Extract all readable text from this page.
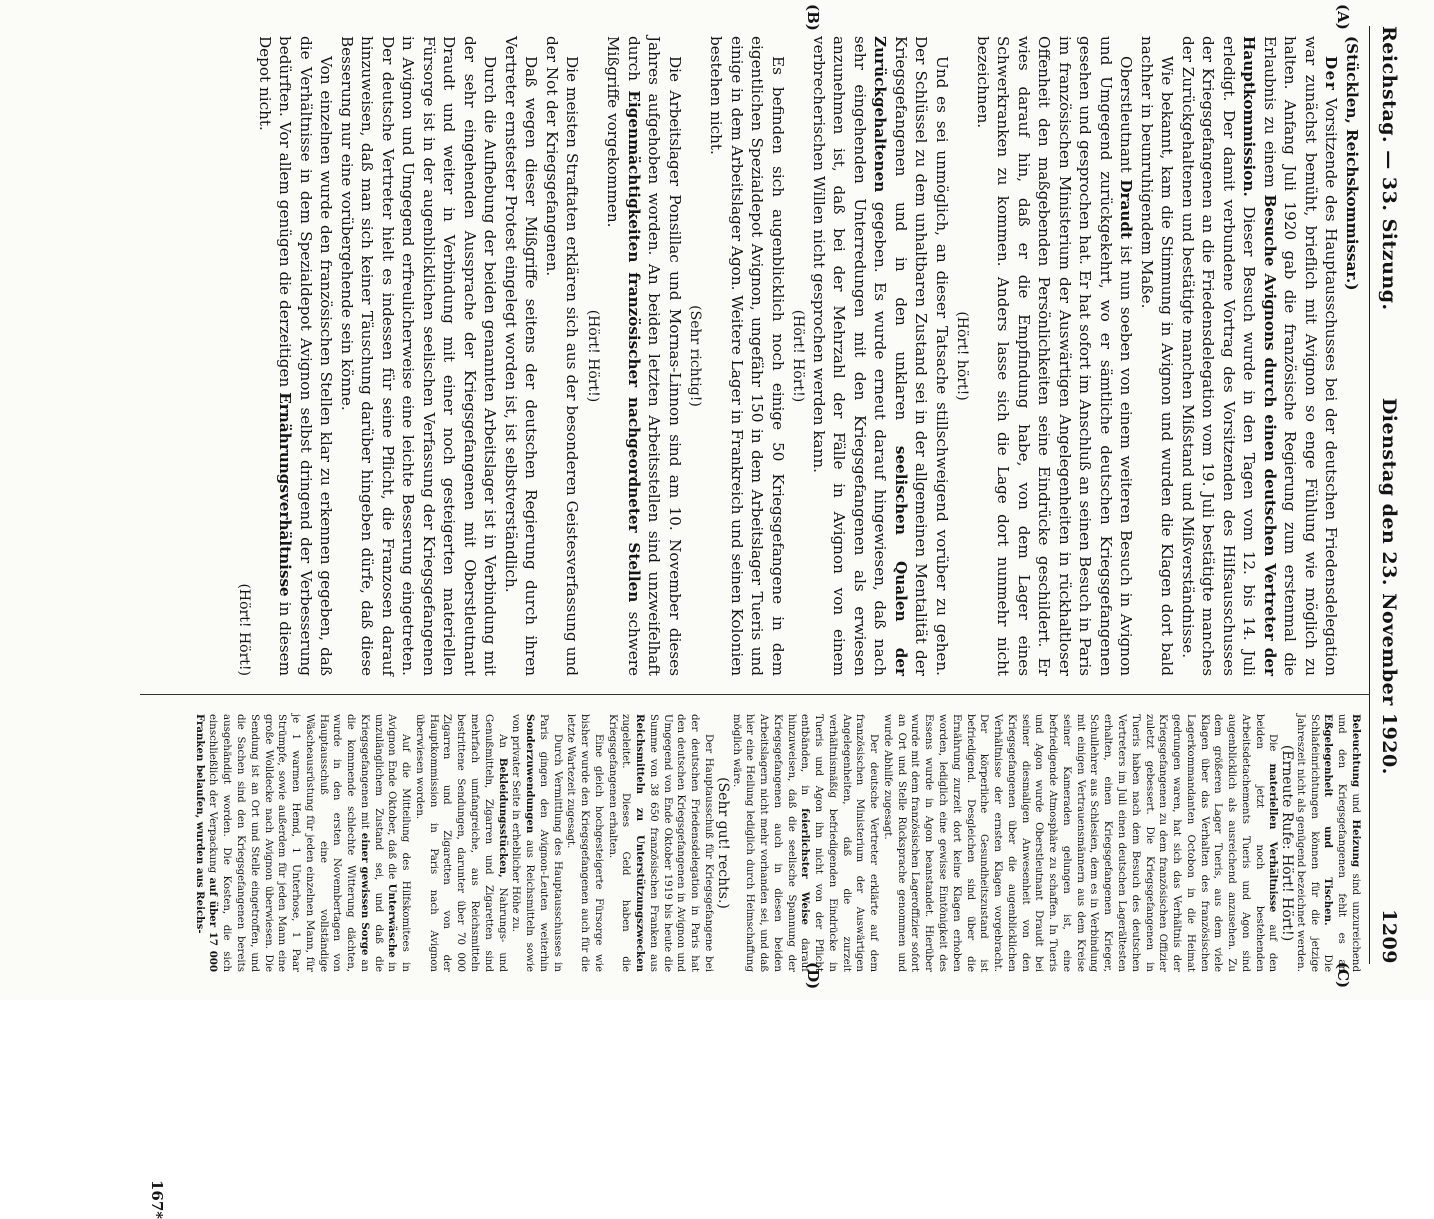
Reichstag. — 33. Sitzung.
Dienstag den 23. November 1920.  1209
(A)
(B)
(C)
(D)

(Stücklen, Reichskommissar.)

Der Vorsitzende des Hauptausschusses bei der deutschen Friedensdelegation war zunächst bemüht, brieflich mit Avignon so enge Fühlung wie möglich zu halten. Anfang Juli 1920 gab die französische Regierung zum erstenmal die Erlaubnis zu einem Besuche Avignons durch einen deutschen Vertreter der Hauptkommission. Dieser Besuch wurde in den Tagen vom 12. bis 14. Juli erledigt. Der damit verbundene Vortrag des Vorsitzenden des Hilfsausschusses der Kriegsgefangenen an die Friedensdelegation vom 19. Juli bestätigte manches der Zurückgehaltenen und bestätigte manchen Mißstand und Mißverständnisse.

Wie bekannt, kam die Stimmung in Avignon und wurden die Klagen dort bald nachher in beunruhigendem Maße.

Oberstleutnant Draudt ist nun soeben von einem weiteren Besuch in Avignon und Umgegend zurückgekehrt, wo er sämtliche deutschen Kriegsgefangenen gesehen und gesprochen hat. Er hat sofort im Anschluß an seinen Besuch in Paris im französischen Ministerium der Auswärtigen Angelegenheiten in rückhaltloser Offenheit den maßgebenden Persönlichkeiten seine Eindrücke geschildert. Er wies darauf hin, daß er die Empfindung habe, von dem Lager eines Schwerkranken zu kommen. Anders lasse sich die Lage dort nunmehr nicht bezeichnen.

(Hört! hört!)

Und es sei unmöglich, an dieser Tatsache stillschweigend vorüber zu gehen. Der Schlüssel zu dem unhaltbaren Zustand sei in der allgemeinen Mentalität der Kriegsgefangenen und in den unklaren seelischen Qualen der Zurückgehaltenen gegeben. Es wurde erneut darauf hingewiesen, daß nach sehr eingehenden Unterredungen mit den Kriegsgefangenen als erwiesen anzunehmen ist, daß bei der Mehrzahl der Fälle in Avignon von einem verbrecherischen Willen nicht gesprochen werden kann.

(Hört! Hört!)

Es befinden sich augenblicklich noch einige 50 Kriegsgefangene in dem eigentlichen Spezialdepot Avignon, ungefähr 150 in dem Arbeitslager Tueris und einige in dem Arbeitslager Agon. Weitere Lager in Frankreich und seinen Kolonien bestehen nicht.

(Sehr richtig!)

Die Arbeitslager Ponsillac und Mornas-Linnon sind am 10. November dieses Jahres aufgehoben worden. An beiden letzten Arbeitsstellen sind unzweifelhaft durch Eigenmächtigkeiten französischer nachgeordneter Stellen schwere Mißgriffe vorgekommen.

(Hört! Hört!)

Die meisten Straftaten erklären sich aus der besonderen Geistesverfassung und der Not der Kriegsgefangenen.

Daß wegen dieser Mißgriffe seitens der deutschen Regierung durch ihren Vertreter ernstester Protest eingelegt worden ist, ist selbstverständlich.

Durch die Aufhebung der beiden genannten Arbeitslager ist in Verbindung mit der sehr eingehenden Aussprache der Kriegsgefangenen mit Oberstleutnant Draudt und weiter in Verbindung mit einer noch gesteigerten materiellen Fürsorge ist in der augenblicklichen seelischen Verfassung der Kriegsgefangenen in Avignon und Umgegend erfreulicherweise eine leichte Besserung eingetreten. Der deutsche Vertreter hielt es indessen für seine Pflicht, die Franzosen darauf hinzuweisen, daß man sich keiner Täuschung darüber hingeben dürfe, daß diese Besserung nur eine vorübergehende sein könne.

Von einzelnen wurde den französischen Stellen klar zu erkennen gegeben, daß die Verhältnisse in dem Spezialdepot Avignon selbst dringend der Verbesserung bedürften. Vor allem genügen die derzeitigen Ernährungsverhältnisse in diesem Depot nicht.

(Hört! Hört!)

Beleuchtung und Heizung sind unzureichend und den Kriegsgefangenen fehlt es an Eßgelegenheit und Tischen. Die Schlafeinrichtungen können für die jetzige Jahreszeit nicht als genügend bezeichnet werden.

(Erneute Rufe: Hört! Hört!)

Die materiellen Verhältnisse auf den beiden jetzt noch bestehenden Arbeitsdetachements Tueris und Agon sind augenblicklich als ausreichend anzusehen. Zu dem größeren Lager Tueris, aus dem viele Klagen über das Verhalten des französischen Lagerkommandanten Octobon in die Heimat gedrungen waren, hat sich das Verhältnis der Kriegsgefangenen zu dem französischen Offizier zuletzt gebessert. Die Kriegsgefangenen in Tueris haben nach dem Besuch des deutschen Vertreters im Juli einen deutschen Lagerältesten erhalten, einen Kriegsgefangenen Krieger, Schullehrer aus Schlesien, dem es in Verbindung mit einigen Vertrauensmännern aus dem Kreise seiner Kameraden gelungen ist, eine befriedigende Atmosphäre zu schaffen. In Tueris und Agon wurde Oberstleutnant Draudt bei seiner diesmaligen Anwesenheit von den Kriegsgefangenen über die augenblicklichen Verhältnisse der ernsten Klagen vorgebracht. Der körperliche Gesundheitszustand ist befriedigend. Desgleichen sind über die Ernährung zurzeit dort keine Klagen erhoben worden, lediglich eine gewisse Eintönigkeit des Essens wurde in Agon beanstandet. Hierüber wurde mit dem französischen Lageroffizier sofort an Ort und Stelle Rücksprache genommen und wurde Abhilfe zugesagt.

Der deutsche Vertreter erklärte auf dem französischen Ministerium der Auswärtigen Angelegenheiten, daß die zurzeit verhältnismäßig befriedigenden Eindrücke in Tueris und Agon ihn nicht von der Pflicht entbänden, in feierlichster Weise darauf hinzuweisen, daß die seelische Spannung der Kriegsgefangenen auch in diesen beiden Arbeitslagern nicht mehr vorhanden sei, und daß hier eine Heilung lediglich durch Heimschaffung möglich wäre.

(Sehr gut! rechts.)

Der Hauptausschuß für Kriegsgefangene bei der deutschen Friedensdelegation in Paris hat den deutschen Kriegsgefangenen in Avignon und Umgegend von Ende Oktober 1919 bis heute die Summe von 38 650 französischen Franken aus Reichsmitteln zu Unterstützungszwecken zugeleitet. Dieses Geld haben die Kriegsgefangenen erhalten.

Eine gleich hochgesteigerte Fürsorge wie bisher wurde den Kriegsgefangenen auch für die letzte Wartezeit zugesagt.

Durch Vermittlung des Hauptausschusses in Paris gingen den Avignon-Leuten weiterhin Sonderzuwendungen aus Reichsmitteln sowie von privater Seite in erheblicher Höhe zu.

An Bekleidungsstücken, Nahrungs- und Genußmitteln, Zigarren und Zigaretten sind mehrfach umfangreiche, aus Reichsmitteln bestrittene Sendungen, darunter über 70 000 Zigarren und Zigaretten von der Hauptkommission in Paris nach Avignon überwiesen worden.

Auf die Mitteilung des Hilfskomitees in Avignon Ende Oktober, daß die Unterwäsche in unzulänglichem Zustand sei, und daß die Kriegsgefangenen mit einer gewissen Sorge an die kommende schlechte Witterung dächten, wurde in den ersten Novembertagen von Hauptausschuß eine vollständige Wäscheausrüstung für jeden einzelnen Mann, für je 1 warmen Hemd, 1 Unterhose, 1 Paar Strümpfe, sowie außerdem für jeden Mann eine große Wolldecke nach Avignon überwiesen. Die Sendung ist an Ort und Stelle eingetroffen, und die Sachen sind den Kriegsgefangenen bereits ausgehändigt worden. Die Kosten, die sich einschließlich der Verpackung auf über 17 000 Franken belaufen, wurden aus Reichs-

167*
